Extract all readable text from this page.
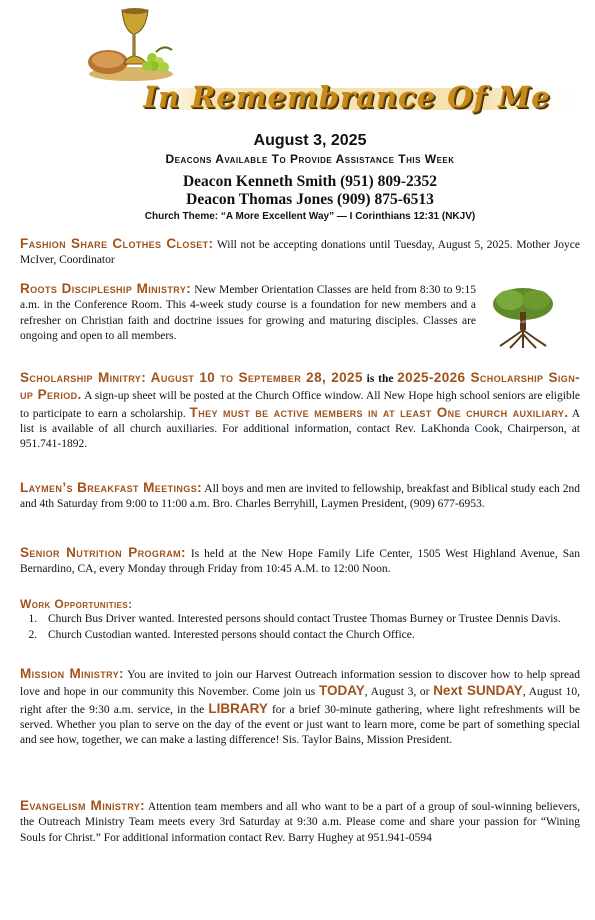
In Remembrance Of Me
August 3, 2025
Deacons Available To Provide Assistance This Week
Deacon Kenneth Smith (951) 809-2352
Deacon Thomas Jones (909) 875-6513
Church Theme: “A More Excellent Way” — I Corinthians 12:31 (NKJV)
Fashion Share Clothes Closet: Will not be accepting donations until Tuesday, August 5, 2025. Mother Joyce McIver, Coordinator
Roots Discipleship Ministry: New Member Orientation Classes are held from 8:30 to 9:15 a.m. in the Conference Room. This 4-week study course is a foundation for new members and a refresher on Christian faith and doctrine issues for growing and maturing disciples. Classes are ongoing and open to all members.
ROOTS DISCIPLESHIP MINISTRY
Scholarship Minitry: August 10 to September 28, 2025 is the 2025-2026 Scholarship Sign-up Period. A sign-up sheet will be posted at the Church Office window. All New Hope high school seniors are eligible to participate to earn a scholarship. They must be active members in at least One church auxiliary. A list is available of all church auxiliaries. For additional information, contact Rev. LaKhonda Cook, Chairperson, at 951.741-1892.
Laymen’s Breakfast Meetings: All boys and men are invited to fellowship, breakfast and Biblical study each 2nd and 4th Saturday from 9:00 to 11:00 a.m. Bro. Charles Berryhill, Laymen President, (909) 677-6953.
Senior Nutrition Program: Is held at the New Hope Family Life Center, 1505 West Highland Avenue, San Bernardino, CA, every Monday through Friday from 10:45 A.M. to 12:00 Noon.
Work Opportunities:
1. Church Bus Driver wanted. Interested persons should contact Trustee Thomas Burney or Trustee Dennis Davis.
2. Church Custodian wanted. Interested persons should contact the Church Office.
Mission Ministry: You are invited to join our Harvest Outreach information session to discover how to help spread love and hope in our community this November. Come join us TODAY, August 3, or Next SUNDAY, August 10, right after the 9:30 a.m. service, in the LIBRARY for a brief 30-minute gathering, where light refreshments will be served. Whether you plan to serve on the day of the event or just want to learn more, come be part of something special and see how, together, we can make a lasting difference! Sis. Taylor Bains, Mission President.
Evangelism Ministry: Attention team members and all who want to be a part of a group of soul-winning believers, the Outreach Ministry Team meets every 3rd Saturday at 9:30 a.m. Please come and share your passion for “Wining Souls for Christ.” For additional information contact Rev. Barry Hughey at 951.941-0594
